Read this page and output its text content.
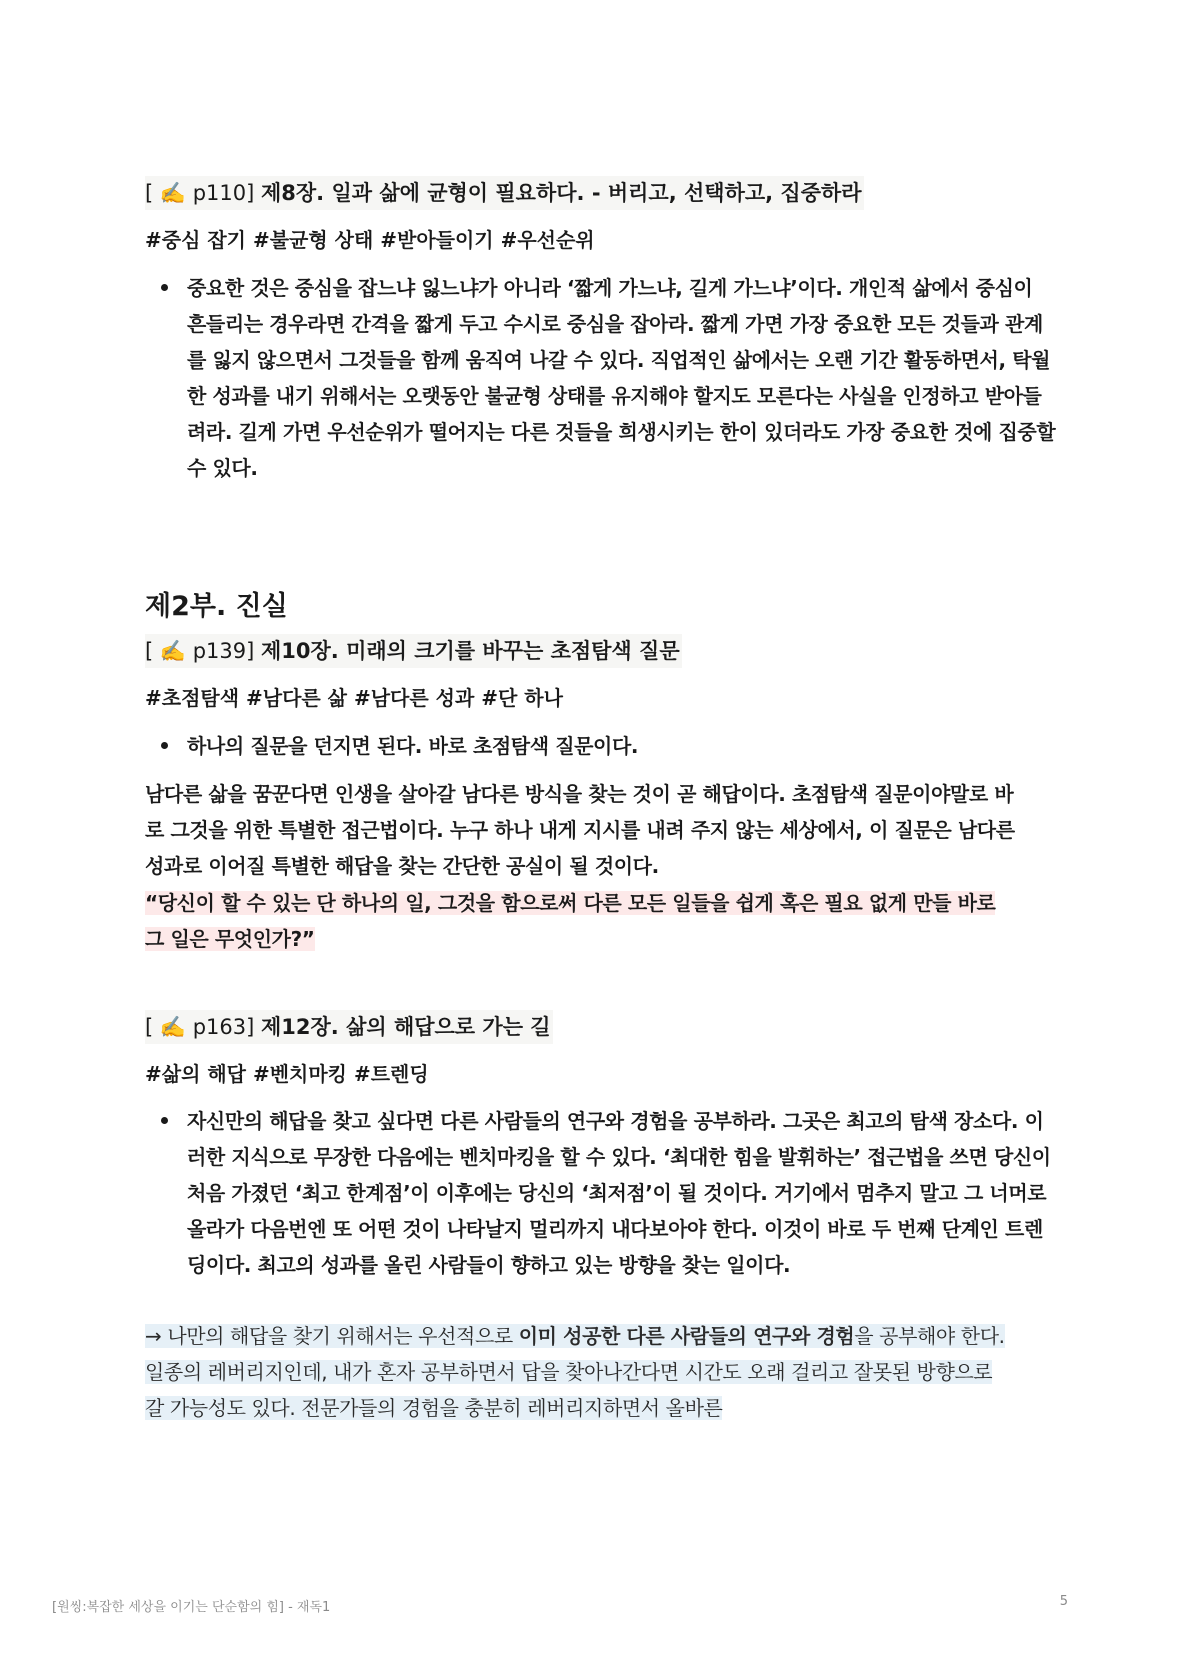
[ ✍️ p110] 제8장. 일과 삶에 균형이 필요하다. - 버리고, 선택하고, 집중하라
#중심 잡기 #불균형 상태 #받아들이기 #우선순위
중요한 것은 중심을 잡느냐 잃느냐가 아니라 ‘짧게 가느냐, 길게 가느냐’이다. 개인적 삶에서 중심이 흔들리는 경우라면 간격을 짧게 두고 수시로 중심을 잡아라. 짧게 가면 가장 중요한 모든 것들과 관계를 잃지 않으면서 그것들을 함께 움직여 나갈 수 있다. 직업적인 삶에서는 오랜 기간 활동하면서, 탁월한 성과를 내기 위해서는 오랫동안 불균형 상태를 유지해야 할지도 모른다는 사실을 인정하고 받아들려라. 길게 가면 우선순위가 떨어지는 다른 것들을 희생시키는 한이 있더라도 가장 중요한 것에 집중할 수 있다.
제2부. 진실
[ ✍️ p139] 제10장. 미래의 크기를 바꾸는 초점탐색 질문
#초점탐색 #남다른 삶 #남다른 성과 #단 하나
하나의 질문을 던지면 된다. 바로 초점탐색 질문이다.
남다른 삶을 꿈꾼다면 인생을 살아갈 남다른 방식을 찾는 것이 곧 해답이다. 초점탐색 질문이야말로 바로 그것을 위한 특별한 접근법이다. 누구 하나 내게 지시를 내려 주지 않는 세상에서, 이 질문은 남다른 성과로 이어질 특별한 해답을 찾는 간단한 공실이 될 것이다.
“당신이 할 수 있는 단 하나의 일, 그것을 함으로써 다른 모든 일들을 쉽게 혹은 필요 없게 만들 바로 그 일은 무엇인가?”
[ ✍️ p163] 제12장. 삶의 해답으로 가는 길
#삶의 해답 #벤치마킹 #트렌딩
자신만의 해답을 찾고 싶다면 다른 사람들의 연구와 경험을 공부하라. 그곳은 최고의 탐색 장소다. 이러한 지식으로 무장한 다음에는 벤치마킹을 할 수 있다. ‘최대한 힘을 발휘하는’ 접근법을 쓰면 당신이 처음 가졌던 ‘최고 한계점’이 이후에는 당신의 ‘최저점’이 될 것이다. 거기에서 멈추지 말고 그 너머로 올라가 다음번엔 또 어떤 것이 나타날지 멀리까지 내다보아야 한다. 이것이 바로 두 번째 단계인 트렌딩이다. 최고의 성과를 올린 사람들이 향하고 있는 방향을 찾는 일이다.
→ 나만의 해답을 찾기 위해서는 우선적으로 이미 성공한 다른 사람들의 연구와 경험을 공부해야 한다. 일종의 레버리지인데, 내가 혼자 공부하면서 답을 찾아나간다면 시간도 오래 걸리고 잘못된 방향으로 갈 가능성도 있다. 전문가들의 경험을 충분히 레버리지하면서 올바른
[원씽:복잡한 세상을 이기는 단순함의 힘] - 재독1	5
